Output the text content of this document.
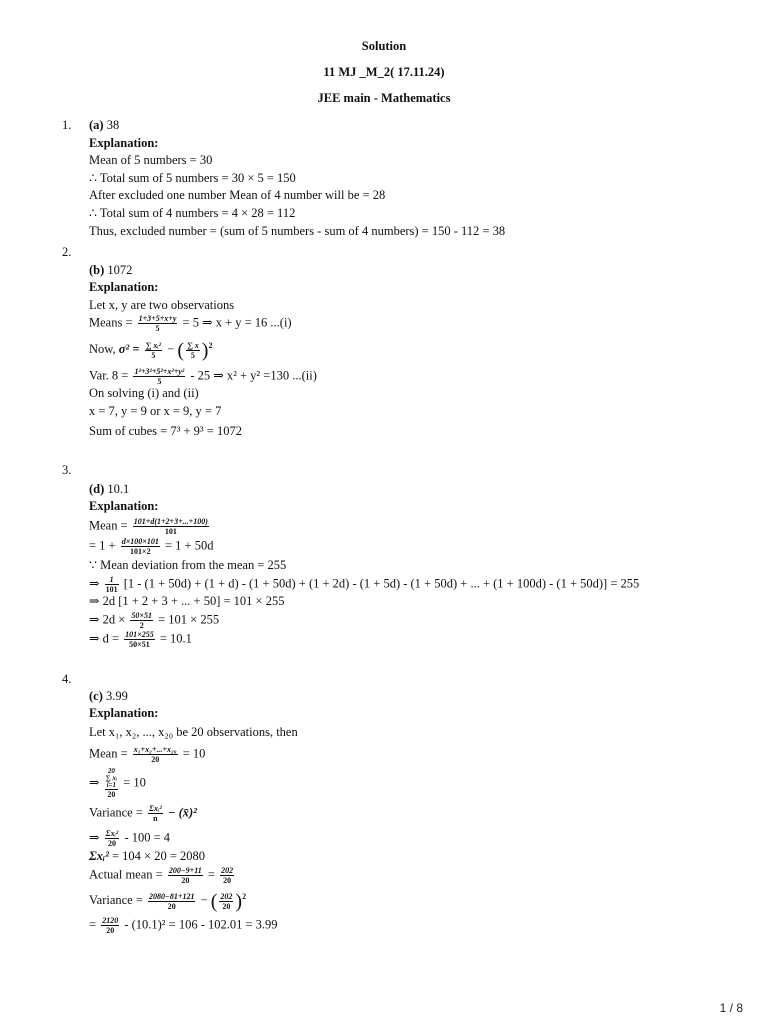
Solution
11 MJ _M_2( 17.11.24)
JEE main - Mathematics
1. (a) 38
Explanation:
Mean of 5 numbers = 30
∴ Total sum of 5 numbers = 30 × 5 = 150
After excluded one number Mean of 4 number will be = 28
∴ Total sum of 4 numbers = 4 × 28 = 112
Thus, excluded number = (sum of 5 numbers - sum of 4 numbers) = 150 - 112 = 38
2.
(b) 1072
Explanation:
Let x, y are two observations
Means = $\frac{1+3+5+x+y}{5} = 5$ ⇒ x + y = 16 ...(i)
Now, $\sigma^2 = \frac{\text{∑ xᵢ²}}{5}$ − ( $\frac{\sum x}{5} )^2$
Var. $8 = \frac{\text{1²+3²+5²+x²+y²}}{5} - 25$ ⇒ x² + y² =130 ...(ii)
On solving (i) and (ii)
x = 7, y = 9 or x = 9, y = 7
Sum of cubes = 7³ + 9³ = 1072
3.
(d) 10.1
Explanation:
Mean = $\frac{101+d(1+2+3+...+100)}{101}$
= $1 + \frac{d\times 100\times 101}{101\times 2} = 1 + 50d$
∵ Mean deviation from the mean = 255
⇒ $\frac{1}{101} [1 - (1 + 50d) + (1 + d) - (1 + 50d) + (1 + 2d) - (1 + 5d) - (1 + 50d)$ + ... + (1 + 100d) - (1 + 50d)] = 255
⇒ 2d [1 + 2 + 3 + ... + 50] = 101 × 255
⇒ $2d \times \frac{50\times 51}{2} = 101 \times 255$
⇒ $d = \frac{101\times 255}{50\times 51} = 10.1$
4.
(c) 3.99
Explanation:
Let x₁, x₂, ..., x₂₀ be 20 observations, then
Mean = $\frac{\text{x₁+x₂+...+x₂₀}}{20} = 10$
⇒ 20
∑ xᵢ
i=1
20 = 10
Variance = $\frac{\text{Σxᵢ²}}{n}$ − (x̄)²
⇒ $\frac{\text{Σxᵢ²}}{20} - 100 = 4$
Σxᵢ² = 104 × 20 = 2080
Actual mean = $\frac{200-9+11}{20} = \frac{202}{20}$
Variance = $\frac{2080-81+121}{20}$ − ( $\frac{202}{20} )^2$
= $\frac{2120}{20} - (10.1)^2 = 106 - 102.01 = 3.99$
1 / 8
